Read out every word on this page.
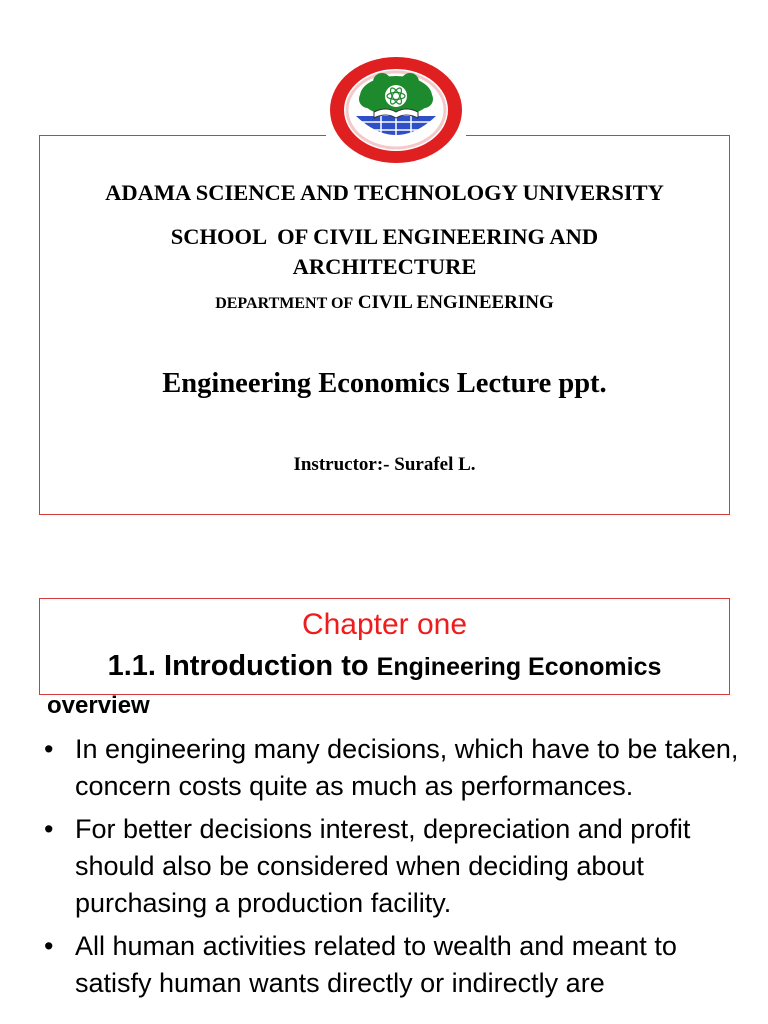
ADAMA SCIENCE AND TECHNOLOGY UNIVERSITY
SCHOOL  OF CIVIL ENGINEERING AND
ARCHITECTURE
DEPARTMENT OF CIVIL ENGINEERING
Engineering Economics Lecture ppt.
Instructor:- Surafel L.
Chapter one
1.1. Introduction to Engineering Economics
overview
• In engineering many decisions, which have to be taken, concern costs quite as much as performances.
• For better decisions interest, depreciation and profit should also be considered when deciding about purchasing a production facility.
• All human activities related to wealth and meant to satisfy human wants directly or indirectly are
